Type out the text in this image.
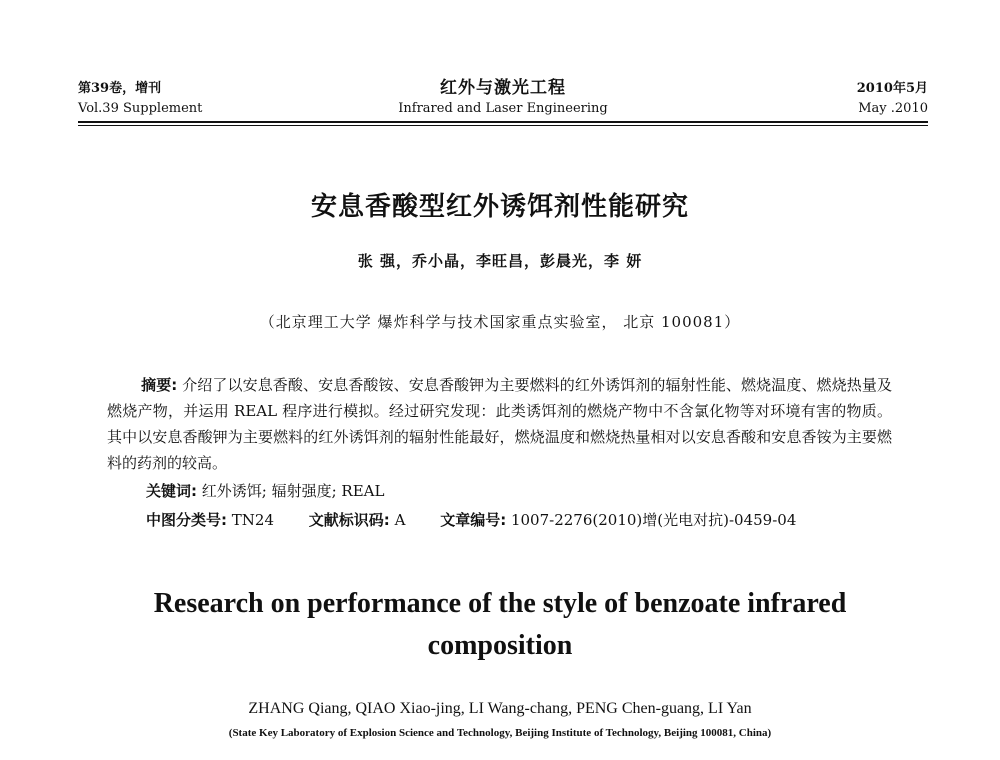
第39卷，增刊
Vol.39 Supplement
红外与激光工程
Infrared and Laser Engineering
2010年5月
May .2010
安息香酸型红外诱饵剂性能研究
张 强，乔小晶，李旺昌，彭晨光，李 妍
（北京理工大学 爆炸科学与技术国家重点实验室， 北京 100081）
摘要: 介绍了以安息香酸、安息香酸铵、安息香酸钾为主要燃料的红外诱饵剂的辐射性能、燃烧温度、燃烧热量及燃烧产物，并运用 REAL 程序进行模拟。经过研究发现：此类诱饵剂的燃烧产物中不含氯化物等对环境有害的物质。其中以安息香酸钾为主要燃料的红外诱饵剂的辐射性能最好，燃烧温度和燃烧热量相对以安息香酸和安息香铵为主要燃料的药剂的较高。
关键词: 红外诱饵; 辐射强度; REAL
中图分类号: TN24 文献标识码: A 文章编号: 1007-2276(2010)增(光电对抗)-0459-04
Research on performance of the style of benzoate infrared composition
ZHANG Qiang, QIAO Xiao-jing, LI Wang-chang, PENG Chen-guang, LI Yan
(State Key Laboratory of Explosion Science and Technology, Beijing Institute of Technology, Beijing 100081, China)
